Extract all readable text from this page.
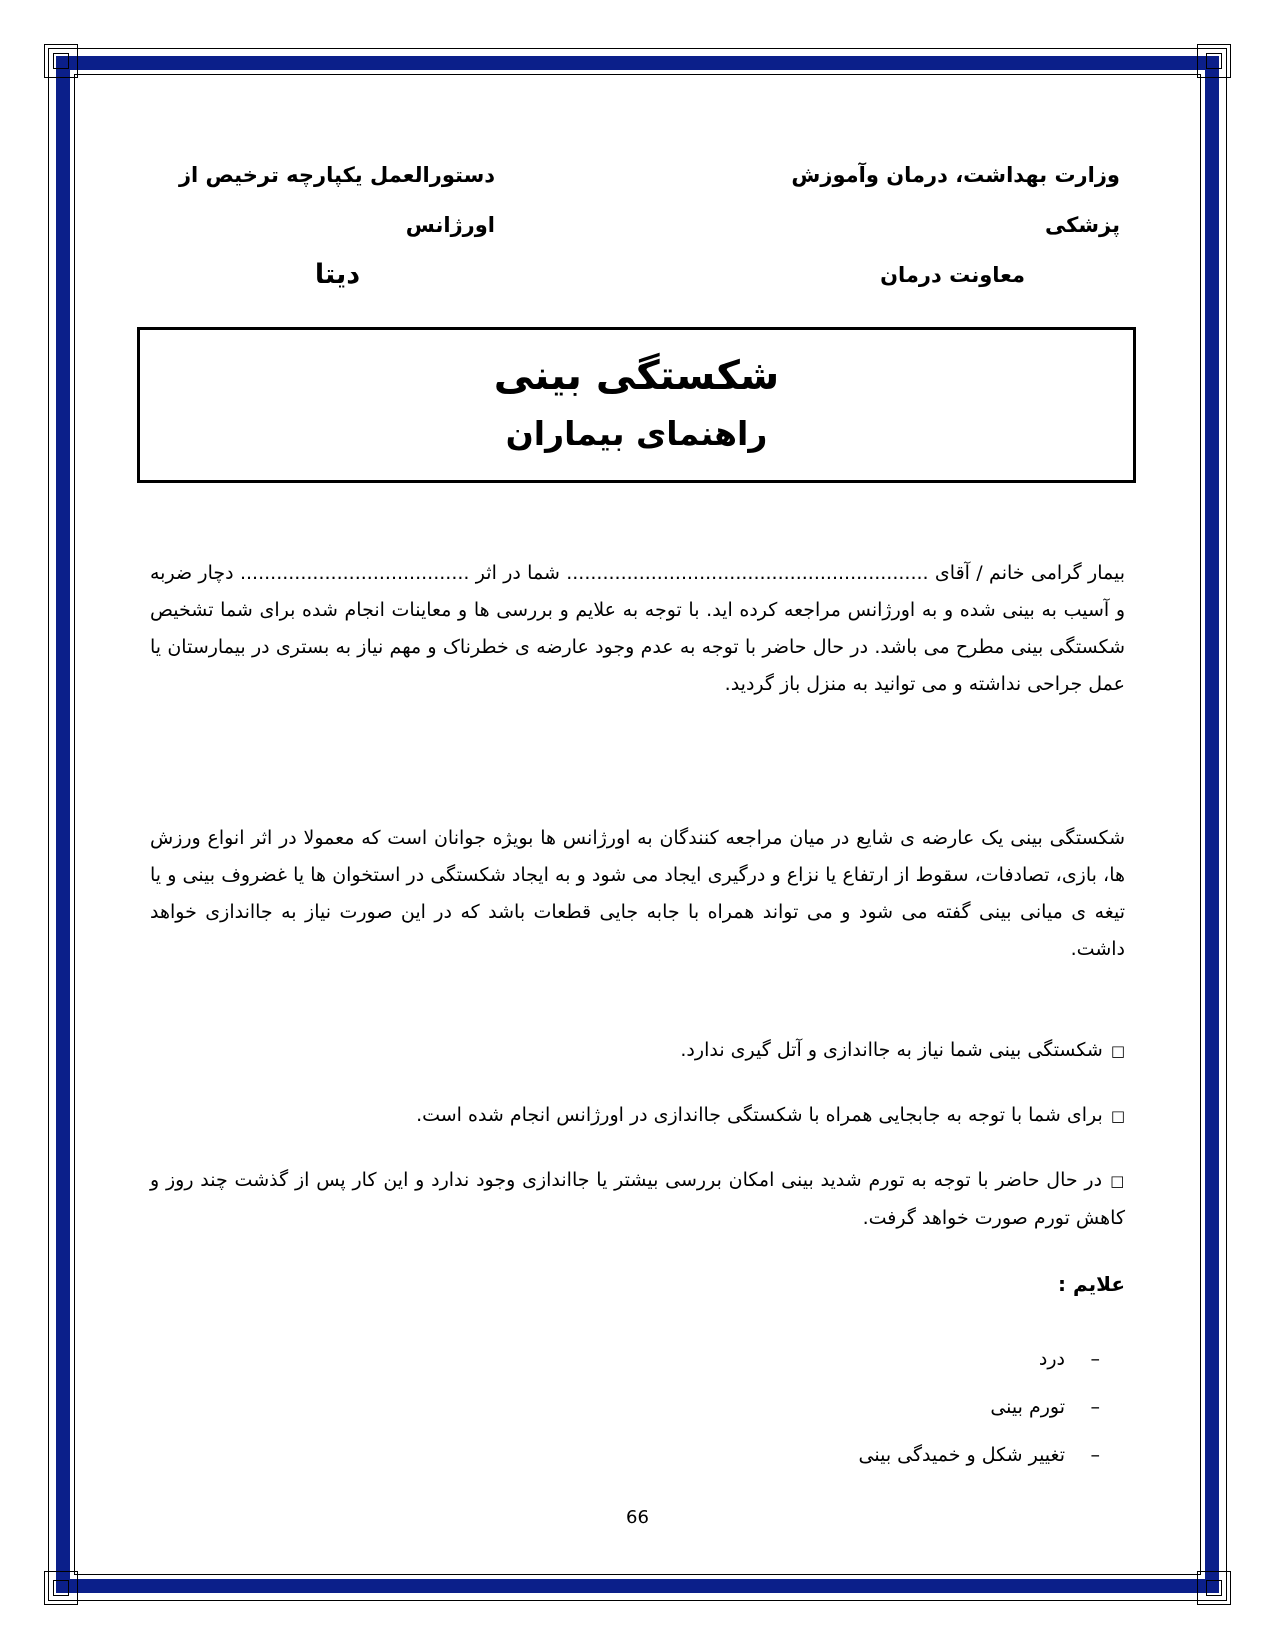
وزارت بهداشت، درمان وآموزش پزشکی
معاونت درمان
دستورالعمل یکپارچه ترخیص از اورژانس
دیتا
شکستگی بینی
راهنمای بیماران
بیمار گرامی خانم / آقای ............................................................ شما در اثر ...................................... دچار ضربه و آسیب به بینی شده و به اورژانس مراجعه کرده اید. با توجه به علایم و بررسی ها و معاینات انجام شده برای شما تشخیص شکستگی بینی مطرح می باشد. در حال حاضر با توجه به عدم وجود عارضه ی خطرناک و مهم نیاز به بستری در بیمارستان یا عمل جراحی نداشته و می توانید به منزل باز گردید.
شکستگی بینی یک عارضه ی شایع در میان مراجعه کنندگان به اورژانس ها بویژه جوانان است که معمولا در اثر انواع ورزش ها، بازی، تصادفات، سقوط از ارتفاع یا نزاع و درگیری ایجاد می شود و به ایجاد شکستگی در استخوان ها یا غضروف بینی و یا تیغه ی میانی بینی گفته می شود و می تواند همراه با جابه جایی قطعات باشد که در این صورت نیاز به جااندازی خواهد داشت.
□شکستگی بینی شما نیاز به جااندازی و آتل گیری ندارد.
□برای شما با توجه به جابجایی همراه با شکستگی جااندازی در اورژانس انجام شده است.
□در حال حاضر با توجه به تورم شدید بینی امکان بررسی بیشتر یا جااندازی وجود ندارد و این کار پس از گذشت چند روز و کاهش تورم صورت خواهد گرفت.
علایم :
–درد
–تورم بینی
–تغییر شکل و خمیدگی بینی
66
